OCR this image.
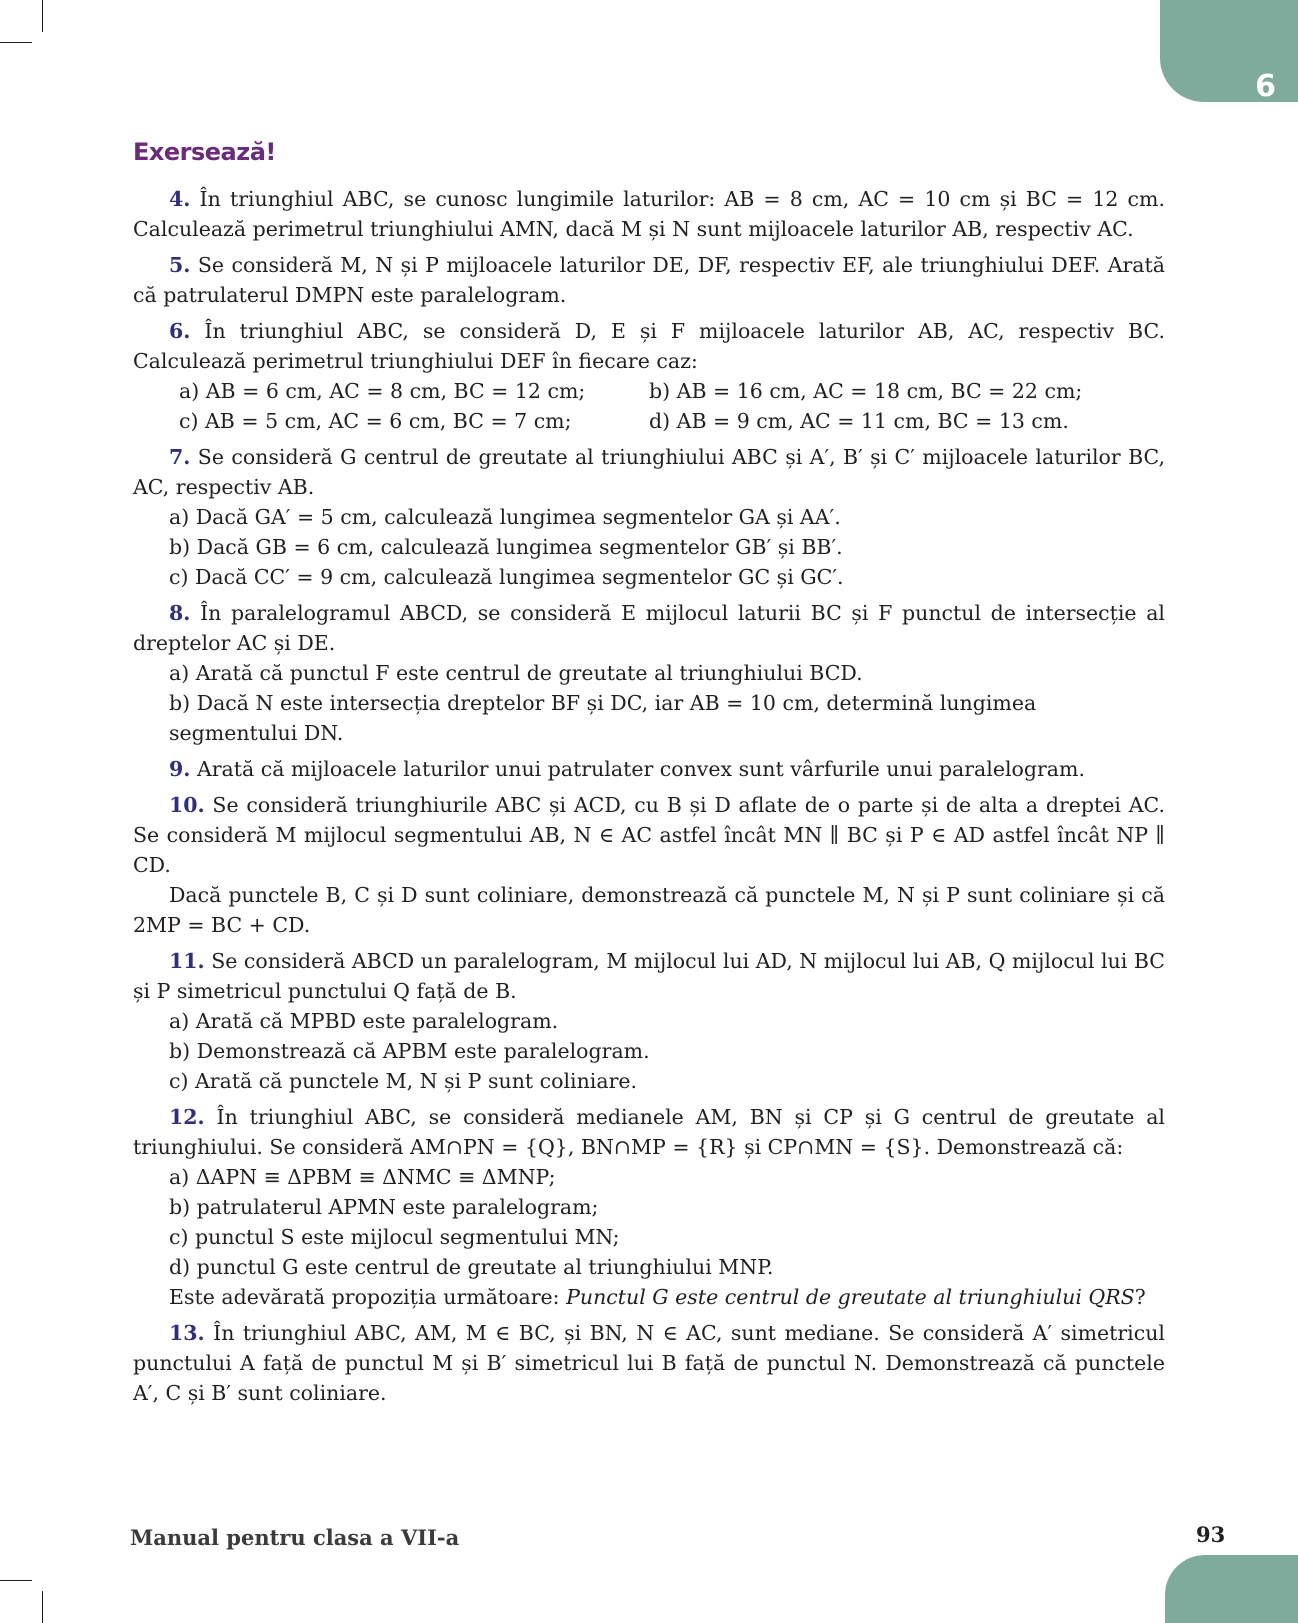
6
Exersează!

4. În triunghiul ABC, se cunosc lungimile laturilor: AB = 8 cm, AC = 10 cm și BC = 12 cm. Calculează perimetrul triunghiului AMN, dacă M și N sunt mijloacele laturilor AB, respectiv AC.

5. Se consideră M, N și P mijloacele laturilor DE, DF, respectiv EF, ale triunghiului DEF. Arată că patrulaterul DMPN este paralelogram.

6. În triunghiul ABC, se consideră D, E și F mijloacele laturilor AB, AC, respectiv BC. Calculează perimetrul triunghiului DEF în fiecare caz:

a) AB = 6 cm, AC = 8 cm, BC = 12 cm;	b) AB = 16 cm, AC = 18 cm, BC = 22 cm;
c) AB = 5 cm, AC = 6 cm, BC = 7 cm;	d) AB = 9 cm, AC = 11 cm, BC = 13 cm.

7. Se consideră G centrul de greutate al triunghiului ABC și A′, B′ și C′ mijloacele laturilor BC, AC, respectiv AB.

a) Dacă GA′ = 5 cm, calculează lungimea segmentelor GA și AA′.

b) Dacă GB = 6 cm, calculează lungimea segmentelor GB′ și BB′.

c) Dacă CC′ = 9 cm, calculează lungimea segmentelor GC și GC′.

8. În paralelogramul ABCD, se consideră E mijlocul laturii BC și F punctul de intersecție al dreptelor AC și DE.

a) Arată că punctul F este centrul de greutate al triunghiului BCD.

b) Dacă N este intersecția dreptelor BF și DC, iar AB = 10 cm, determină lungimea segmentului DN.

9. Arată că mijloacele laturilor unui patrulater convex sunt vârfurile unui paralelogram.

10. Se consideră triunghiurile ABC și ACD, cu B și D aflate de o parte și de alta a dreptei AC. Se consideră M mijlocul segmentului AB, N ∈ AC astfel încât MN ∥ BC și P ∈ AD astfel încât NP ∥ CD.

Dacă punctele B, C și D sunt coliniare, demonstrează că punctele M, N și P sunt coliniare și că 2MP = BC + CD.

11. Se consideră ABCD un paralelogram, M mijlocul lui AD, N mijlocul lui AB, Q mijlocul lui BC și P simetricul punctului Q față de B.

a) Arată că MPBD este paralelogram.

b) Demonstrează că APBM este paralelogram.

c) Arată că punctele M, N și P sunt coliniare.

12. În triunghiul ABC, se consideră medianele AM, BN și CP și G centrul de greutate al triunghiului. Se consideră AM∩PN = {Q}, BN∩MP = {R} și CP∩MN = {S}. Demonstrează că:

a) ΔAPN ≡ ΔPBM ≡ ΔNMC ≡ ΔMNP;

b) patrulaterul APMN este paralelogram;

c) punctul S este mijlocul segmentului MN;

d) punctul G este centrul de greutate al triunghiului MNP.

Este adevărată propoziția următoare: Punctul G este centrul de greutate al triunghiului QRS?

13. În triunghiul ABC, AM, M ∈ BC, și BN, N ∈ AC, sunt mediane. Se consideră A′ simetricul punctului A față de punctul M și B′ simetricul lui B față de punctul N. Demonstrează că punctele A′, C și B′ sunt coliniare.

Manual pentru clasa a VII-a	93
